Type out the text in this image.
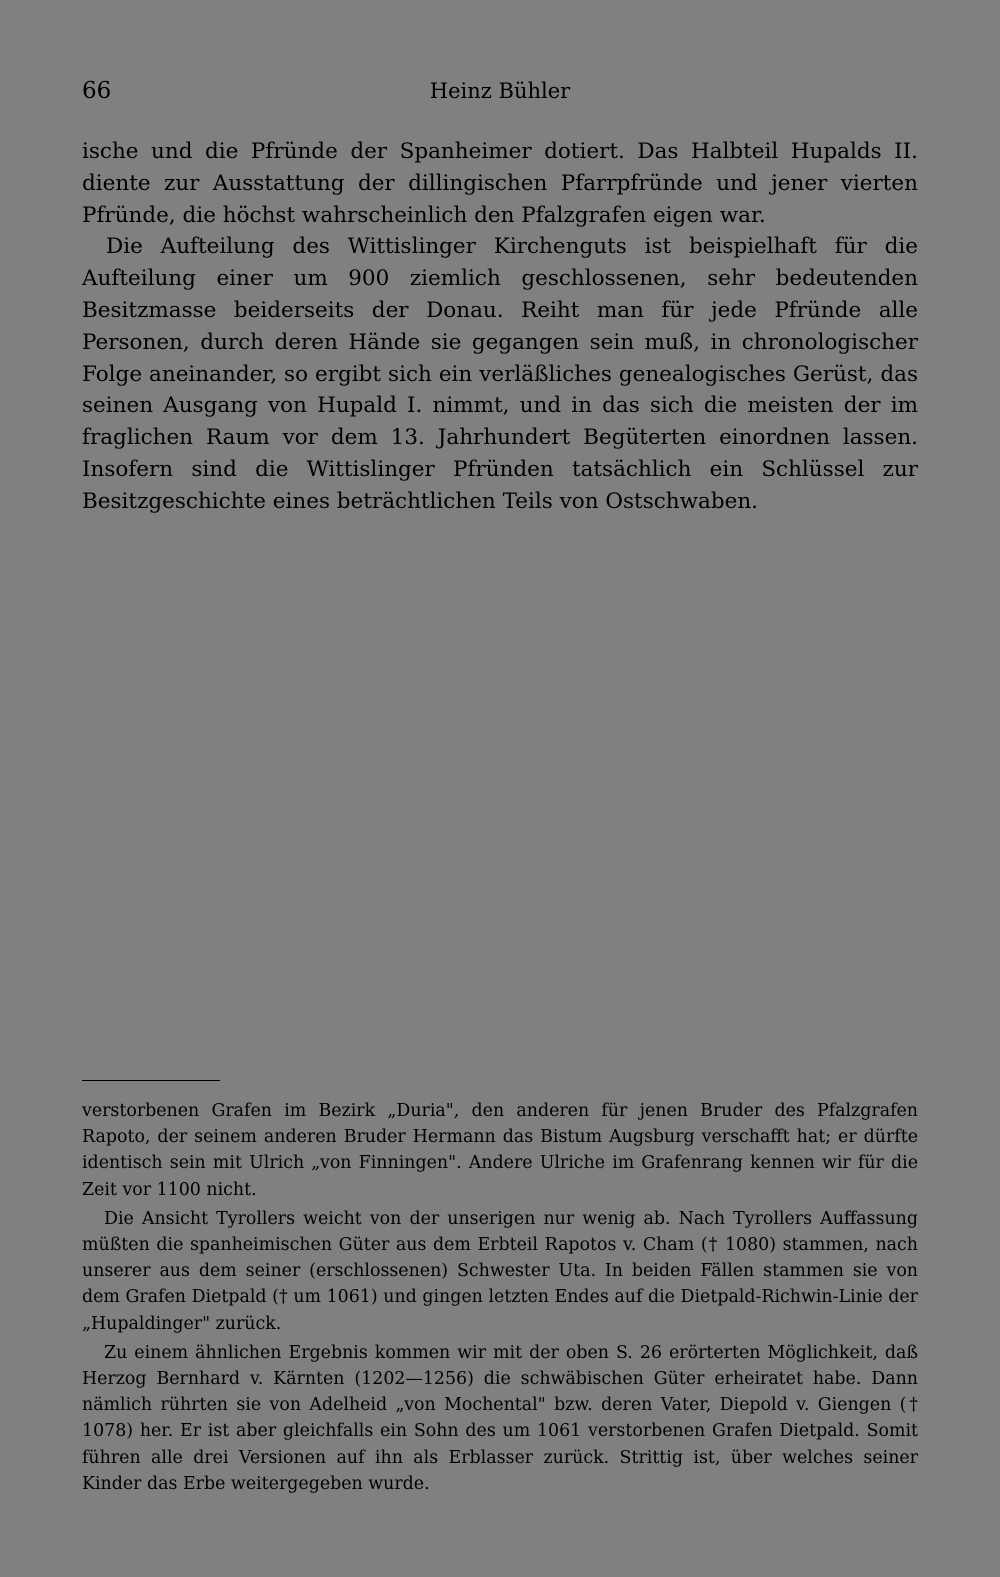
66	Heinz Bühler

ische und die Pfründe der Spanheimer dotiert. Das Halbteil Hupalds II. diente zur Ausstattung der dillingischen Pfarrpfründe und jener vierten Pfründe, die höchst wahrscheinlich den Pfalzgrafen eigen war.

Die Aufteilung des Wittislinger Kirchenguts ist beispielhaft für die Aufteilung einer um 900 ziemlich geschlossenen, sehr bedeutenden Besitzmasse beiderseits der Donau. Reiht man für jede Pfründe alle Personen, durch deren Hände sie gegangen sein muß, in chronologischer Folge aneinander, so ergibt sich ein verläßliches genealogisches Gerüst, das seinen Ausgang von Hupald I. nimmt, und in das sich die meisten der im fraglichen Raum vor dem 13. Jahrhundert Begüterten einordnen lassen. Insofern sind die Wittislinger Pfründen tatsächlich ein Schlüssel zur Besitzgeschichte eines beträchtlichen Teils von Ostschwaben.

verstorbenen Grafen im Bezirk „Duria", den anderen für jenen Bruder des Pfalzgrafen Rapoto, der seinem anderen Bruder Hermann das Bistum Augsburg verschafft hat; er dürfte identisch sein mit Ulrich „von Finningen". Andere Ulriche im Grafenrang kennen wir für die Zeit vor 1100 nicht.

Die Ansicht Tyrollers weicht von der unserigen nur wenig ab. Nach Tyrollers Auffassung müßten die spanheimischen Güter aus dem Erbteil Rapotos v. Cham († 1080) stammen, nach unserer aus dem seiner (erschlossenen) Schwester Uta. In beiden Fällen stammen sie von dem Grafen Dietpald († um 1061) und gingen letzten Endes auf die Dietpald-Richwin-Linie der „Hupaldinger" zurück.

Zu einem ähnlichen Ergebnis kommen wir mit der oben S. 26 erörterten Möglichkeit, daß Herzog Bernhard v. Kärnten (1202—1256) die schwäbischen Güter erheiratet habe. Dann nämlich rührten sie von Adelheid „von Mochental" bzw. deren Vater, Diepold v. Giengen († 1078) her. Er ist aber gleichfalls ein Sohn des um 1061 verstorbenen Grafen Dietpald. Somit führen alle drei Versionen auf ihn als Erblasser zurück. Strittig ist, über welches seiner Kinder das Erbe weitergegeben wurde.
